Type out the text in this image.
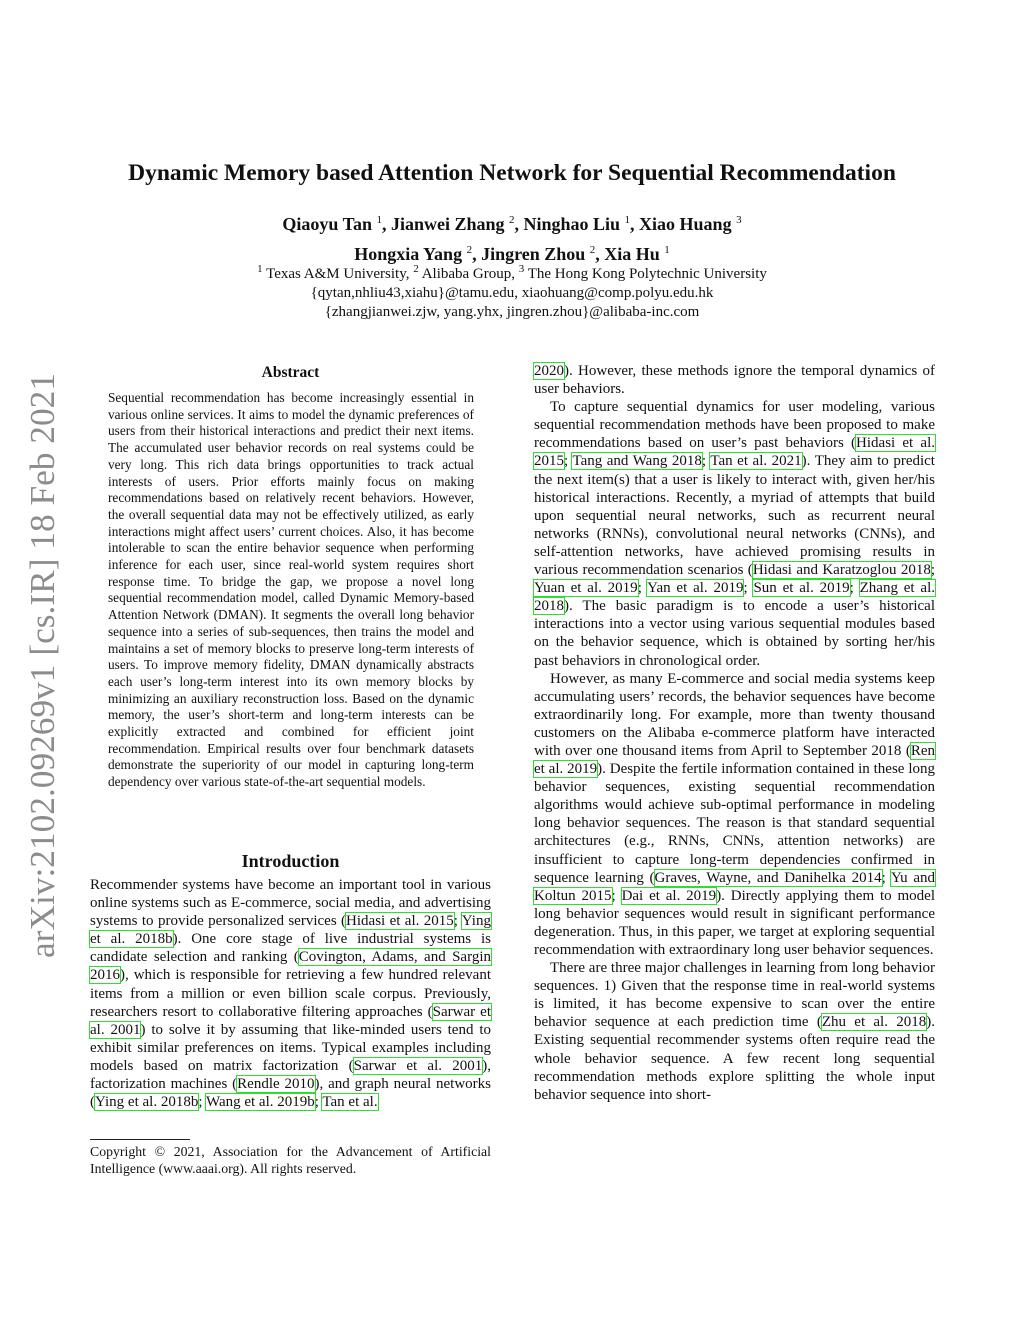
arXiv:2102.09269v1 [cs.IR] 18 Feb 2021
Dynamic Memory based Attention Network for Sequential Recommendation
Qiaoyu Tan $^1$, Jianwei Zhang $^2$, Ninghao Liu $^1$, Xiao Huang $^3$
Hongxia Yang $^2$, Jingren Zhou $^2$, Xia Hu $^1$
$^1$ Texas A&M University, $^2$ Alibaba Group, $^3$ The Hong Kong Polytechnic University
{qytan,nhliu43,xiahu}@tamu.edu, xiaohuang@comp.polyu.edu.hk
{zhangjianwei.zjw, yang.yhx, jingren.zhou}@alibaba-inc.com
Abstract
Sequential recommendation has become increasingly essential in various online services. It aims to model the dynamic preferences of users from their historical interactions and predict their next items. The accumulated user behavior records on real systems could be very long. This rich data brings opportunities to track actual interests of users. Prior efforts mainly focus on making recommendations based on relatively recent behaviors. However, the overall sequential data may not be effectively utilized, as early interactions might affect users’ current choices. Also, it has become intolerable to scan the entire behavior sequence when performing inference for each user, since real-world system requires short response time. To bridge the gap, we propose a novel long sequential recommendation model, called Dynamic Memory-based Attention Network (DMAN). It segments the overall long behavior sequence into a series of sub-sequences, then trains the model and maintains a set of memory blocks to preserve long-term interests of users. To improve memory fidelity, DMAN dynamically abstracts each user’s long-term interest into its own memory blocks by minimizing an auxiliary reconstruction loss. Based on the dynamic memory, the user’s short-term and long-term interests can be explicitly extracted and combined for efficient joint recommendation. Empirical results over four benchmark datasets demonstrate the superiority of our model in capturing long-term dependency over various state-of-the-art sequential models.
Introduction

Recommender systems have become an important tool in various online systems such as E-commerce, social media, and advertising systems to provide personalized services (Hidasi et al. 2015; Ying et al. 2018b). One core stage of live industrial systems is candidate selection and ranking (Covington, Adams, and Sargin 2016), which is responsible for retrieving a few hundred relevant items from a million or even billion scale corpus. Previously, researchers resort to collaborative filtering approaches (Sarwar et al. 2001) to solve it by assuming that like-minded users tend to exhibit similar preferences on items. Typical examples including models based on matrix factorization (Sarwar et al. 2001), factorization machines (Rendle 2010), and graph neural networks (Ying et al. 2018b; Wang et al. 2019b; Tan et al.

Copyright © 2021, Association for the Advancement of Artificial Intelligence (www.aaai.org). All rights reserved.

2020). However, these methods ignore the temporal dynamics of user behaviors.

To capture sequential dynamics for user modeling, various sequential recommendation methods have been proposed to make recommendations based on user’s past behaviors (Hidasi et al. 2015; Tang and Wang 2018; Tan et al. 2021). They aim to predict the next item(s) that a user is likely to interact with, given her/his historical interactions. Recently, a myriad of attempts that build upon sequential neural networks, such as recurrent neural networks (RNNs), convolutional neural networks (CNNs), and self-attention networks, have achieved promising results in various recommendation scenarios (Hidasi and Karatzoglou 2018; Yuan et al. 2019; Yan et al. 2019; Sun et al. 2019; Zhang et al. 2018). The basic paradigm is to encode a user’s historical interactions into a vector using various sequential modules based on the behavior sequence, which is obtained by sorting her/his past behaviors in chronological order.

However, as many E-commerce and social media systems keep accumulating users’ records, the behavior sequences have become extraordinarily long. For example, more than twenty thousand customers on the Alibaba e-commerce platform have interacted with over one thousand items from April to September 2018 (Ren et al. 2019). Despite the fertile information contained in these long behavior sequences, existing sequential recommendation algorithms would achieve sub-optimal performance in modeling long behavior sequences. The reason is that standard sequential architectures (e.g., RNNs, CNNs, attention networks) are insufficient to capture long-term dependencies confirmed in sequence learning (Graves, Wayne, and Danihelka 2014; Yu and Koltun 2015; Dai et al. 2019). Directly applying them to model long behavior sequences would result in significant performance degeneration. Thus, in this paper, we target at exploring sequential recommendation with extraordinary long user behavior sequences.

There are three major challenges in learning from long behavior sequences. 1) Given that the response time in real-world systems is limited, it has become expensive to scan over the entire behavior sequence at each prediction time (Zhu et al. 2018). Existing sequential recommender systems often require read the whole behavior sequence. A few recent long sequential recommendation methods explore splitting the whole input behavior sequence into short-
